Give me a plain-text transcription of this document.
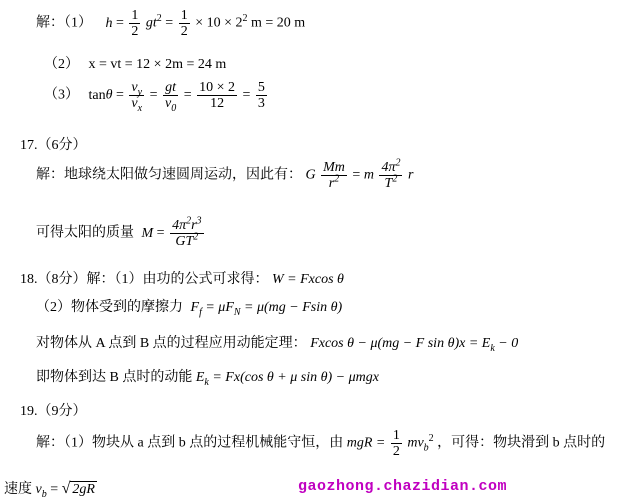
解：（1） $h = \frac{1}{2} gt^2 = \frac{1}{2} \times 10 \times 2^2$ m = 20 m
（2） x = vt = 12 × 2m = 24 m
（3） $\tan\theta = \frac{v_y}{v_x} = \frac{gt}{v_0} = \frac{10 \times 2}{12} = \frac{5}{3}$
17.（6分）
解：地球绕太阳做匀速圆周运动，因此有： G $\frac{Mm}{r^2} = m \frac{4\pi^2}{T^2}$ r
可得太阳的质量 $M = \frac{4\pi^2r^3}{GT^2}$
18.（8分）解：（1）由功的公式可求得： W = Fxcos θ
（2）物体受到的摩擦力 $F_f = \mu F_N = \mu(mg - Fsin$ θ)
对物体从 A 点到 B 点的过程应用动能定理： Fxcos θ − μ(mg − F $\sin \theta)x = E_k - 0$
即物体到达 B 点时的动能 $E_k = Fx(\cos$ θ + μ sin θ) − μmgx
19.（9分）
解：（1）物块从 a 点到 b 点的过程机械能守恒，由 mgR = $\frac{1}{2} mv_b^2$ ，可得：物块滑到 b 点时的
速度 $v_b$ = √ 2gR	gaozhong.chazidian.com
